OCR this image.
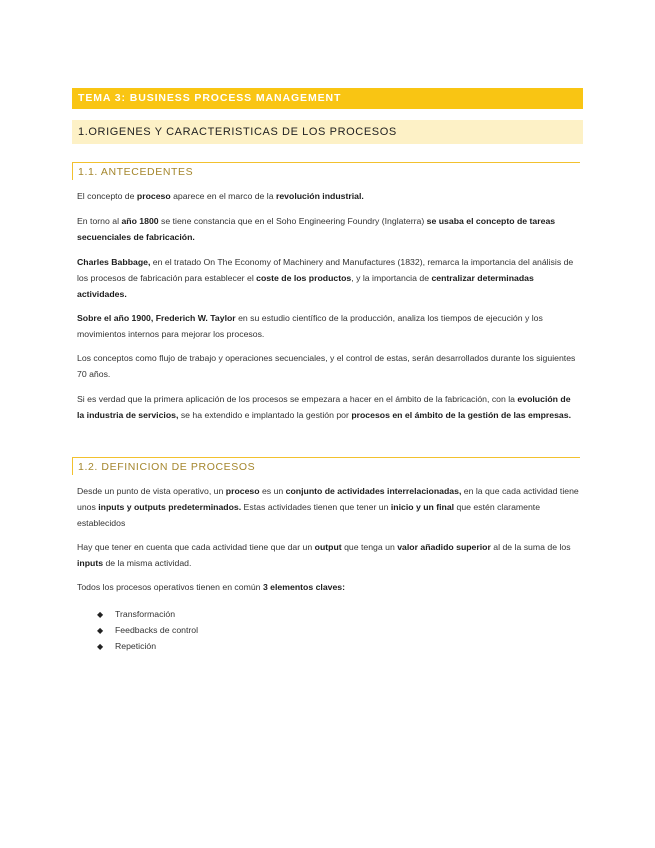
TEMA 3: BUSINESS PROCESS MANAGEMENT
1.ORIGENES Y CARACTERISTICAS DE LOS PROCESOS
1.1. ANTECEDENTES

El concepto de proceso aparece en el marco de la revolución industrial.

En torno al año 1800 se tiene constancia que en el Soho Engineering Foundry (Inglaterra) se usaba el concepto de tareas secuenciales de fabricación.

Charles Babbage, en el tratado On The Economy of Machinery and Manufactures (1832), remarca la importancia del análisis de los procesos de fabricación para establecer el coste de los productos, y la importancia de centralizar determinadas actividades.

Sobre el año 1900, Frederich W. Taylor en su estudio científico de la producción, analiza los tiempos de ejecución y los movimientos internos para mejorar los procesos.

Los conceptos como flujo de trabajo y operaciones secuenciales, y el control de estas, serán desarrollados durante los siguientes 70 años.

Si es verdad que la primera aplicación de los procesos se empezara a hacer en el ámbito de la fabricación, con la evolución de la industria de servicios, se ha extendido e implantado la gestión por procesos en el ámbito de la gestión de las empresas.

1.2. DEFINICION DE PROCESOS

Desde un punto de vista operativo, un proceso es un conjunto de actividades interrelacionadas, en la que cada actividad tiene unos inputs y outputs predeterminados. Estas actividades tienen que tener un inicio y un final que estén claramente establecidos

Hay que tener en cuenta que cada actividad tiene que dar un output que tenga un valor añadido superior al de la suma de los inputs de la misma actividad.

Todos los procesos operativos tienen en común 3 elementos claves:

◆ Transformación
◆ Feedbacks de control
◆ Repetición
